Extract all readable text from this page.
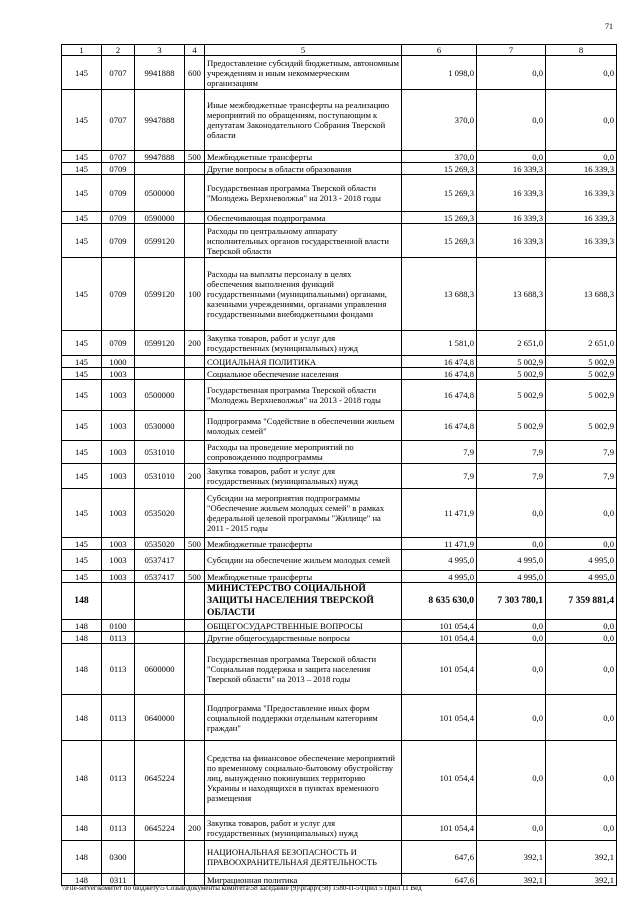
71
1	2	3	4	5	6	7	8
145	0707	9941888	600	Предоставление субсидий бюджетным, автономным учреждениям и иным некоммерческим организациям	1 098,0	0,0	0,0
145	0707	9947888		Иные межбюджетные трансферты на реализацию мероприятий по обращениям, поступающим к депутатам Законодательного Собрания Тверской области	370,0	0,0	0,0
145	0707	9947888	500	Межбюджетные трансферты	370,0	0,0	0,0
145	0709			Другие вопросы в области образования	15 269,3	16 339,3	16 339,3
145	0709	0500000		Государственная программа Тверской области "Молодежь Верхневолжья" на 2013 - 2018 годы	15 269,3	16 339,3	16 339,3
145	0709	0590000		Обеспечивающая подпрограмма	15 269,3	16 339,3	16 339,3
145	0709	0599120		Расходы по центральному аппарату исполнительных органов государственной власти Тверской области	15 269,3	16 339,3	16 339,3
145	0709	0599120	100	Расходы на выплаты персоналу в целях обеспечения выполнения функций государственными (муниципальными) органами, казенными учреждениями, органами управления государственными внебюджетными фондами	13 688,3	13 688,3	13 688,3
145	0709	0599120	200	Закупка товаров, работ и услуг для государственных (муниципальных) нужд	1 581,0	2 651,0	2 651,0
145	1000			СОЦИАЛЬНАЯ ПОЛИТИКА	16 474,8	5 002,9	5 002,9
145	1003			Социальное обеспечение населения	16 474,8	5 002,9	5 002,9
145	1003	0500000		Государственная программа Тверской области "Молодежь Верхневолжья" на 2013 - 2018 годы	16 474,8	5 002,9	5 002,9
145	1003	0530000		Подпрограмма "Содействие в обеспечении жильем молодых семей"	16 474,8	5 002,9	5 002,9
145	1003	0531010		Расходы на проведение мероприятий по сопровождению подпрограммы	7,9	7,9	7,9
145	1003	0531010	200	Закупка товаров, работ и услуг для государственных (муниципальных) нужд	7,9	7,9	7,9
145	1003	0535020		Субсидии на мероприятия подпрограммы "Обеспечение жильем молодых семей" в рамках федеральной целевой программы "Жилище" на 2011 - 2015 годы	11 471,9	0,0	0,0
145	1003	0535020	500	Межбюджетные трансферты	11 471,9	0,0	0,0
145	1003	0537417		Субсидии на обеспечение жильем молодых семей	4 995,0	4 995,0	4 995,0
145	1003	0537417	500	Межбюджетные трансферты	4 995,0	4 995,0	4 995,0
148				МИНИСТЕРСТВО СОЦИАЛЬНОЙ ЗАЩИТЫ НАСЕЛЕНИЯ ТВЕРСКОЙ ОБЛАСТИ	8 635 630,0	7 303 780,1	7 359 881,4
148	0100			ОБЩЕГОСУДАРСТВЕННЫЕ ВОПРОСЫ	101 054,4	0,0	0,0
148	0113			Другие общегосударственные вопросы	101 054,4	0,0	0,0
148	0113	0600000		Государственная программа Тверской области "Социальная поддержка и защита населения Тверской области" на 2013 – 2018 годы	101 054,4	0,0	0,0
148	0113	0640000		Подпрограмма "Предоставление иных форм социальной поддержки отдельным категориям граждан"	101 054,4	0,0	0,0
148	0113	0645224		Средства на финансовое обеспечение мероприятий по временному социально-бытовому обустройству лиц, вынужденно покинувших территорию Украины и находящихся в пунктах временного размещения	101 054,4	0,0	0,0
148	0113	0645224	200	Закупка товаров, работ и услуг для государственных (муниципальных) нужд	101 054,4	0,0	0,0
148	0300			НАЦИОНАЛЬНАЯ БЕЗОПАСНОСТЬ И ПРАВООХРАНИТЕЛЬНАЯ ДЕЯТЕЛЬНОСТЬ	647,6	392,1	392,1
148	0311			Миграционная политика	647,6	392,1	392,1
\\File-server\комитет по бюджету\5 Созыв\документы комитета\58 заседание (9)\ргарр\(58) 1580-П-5\Прил 5 Прил 11 Вед
